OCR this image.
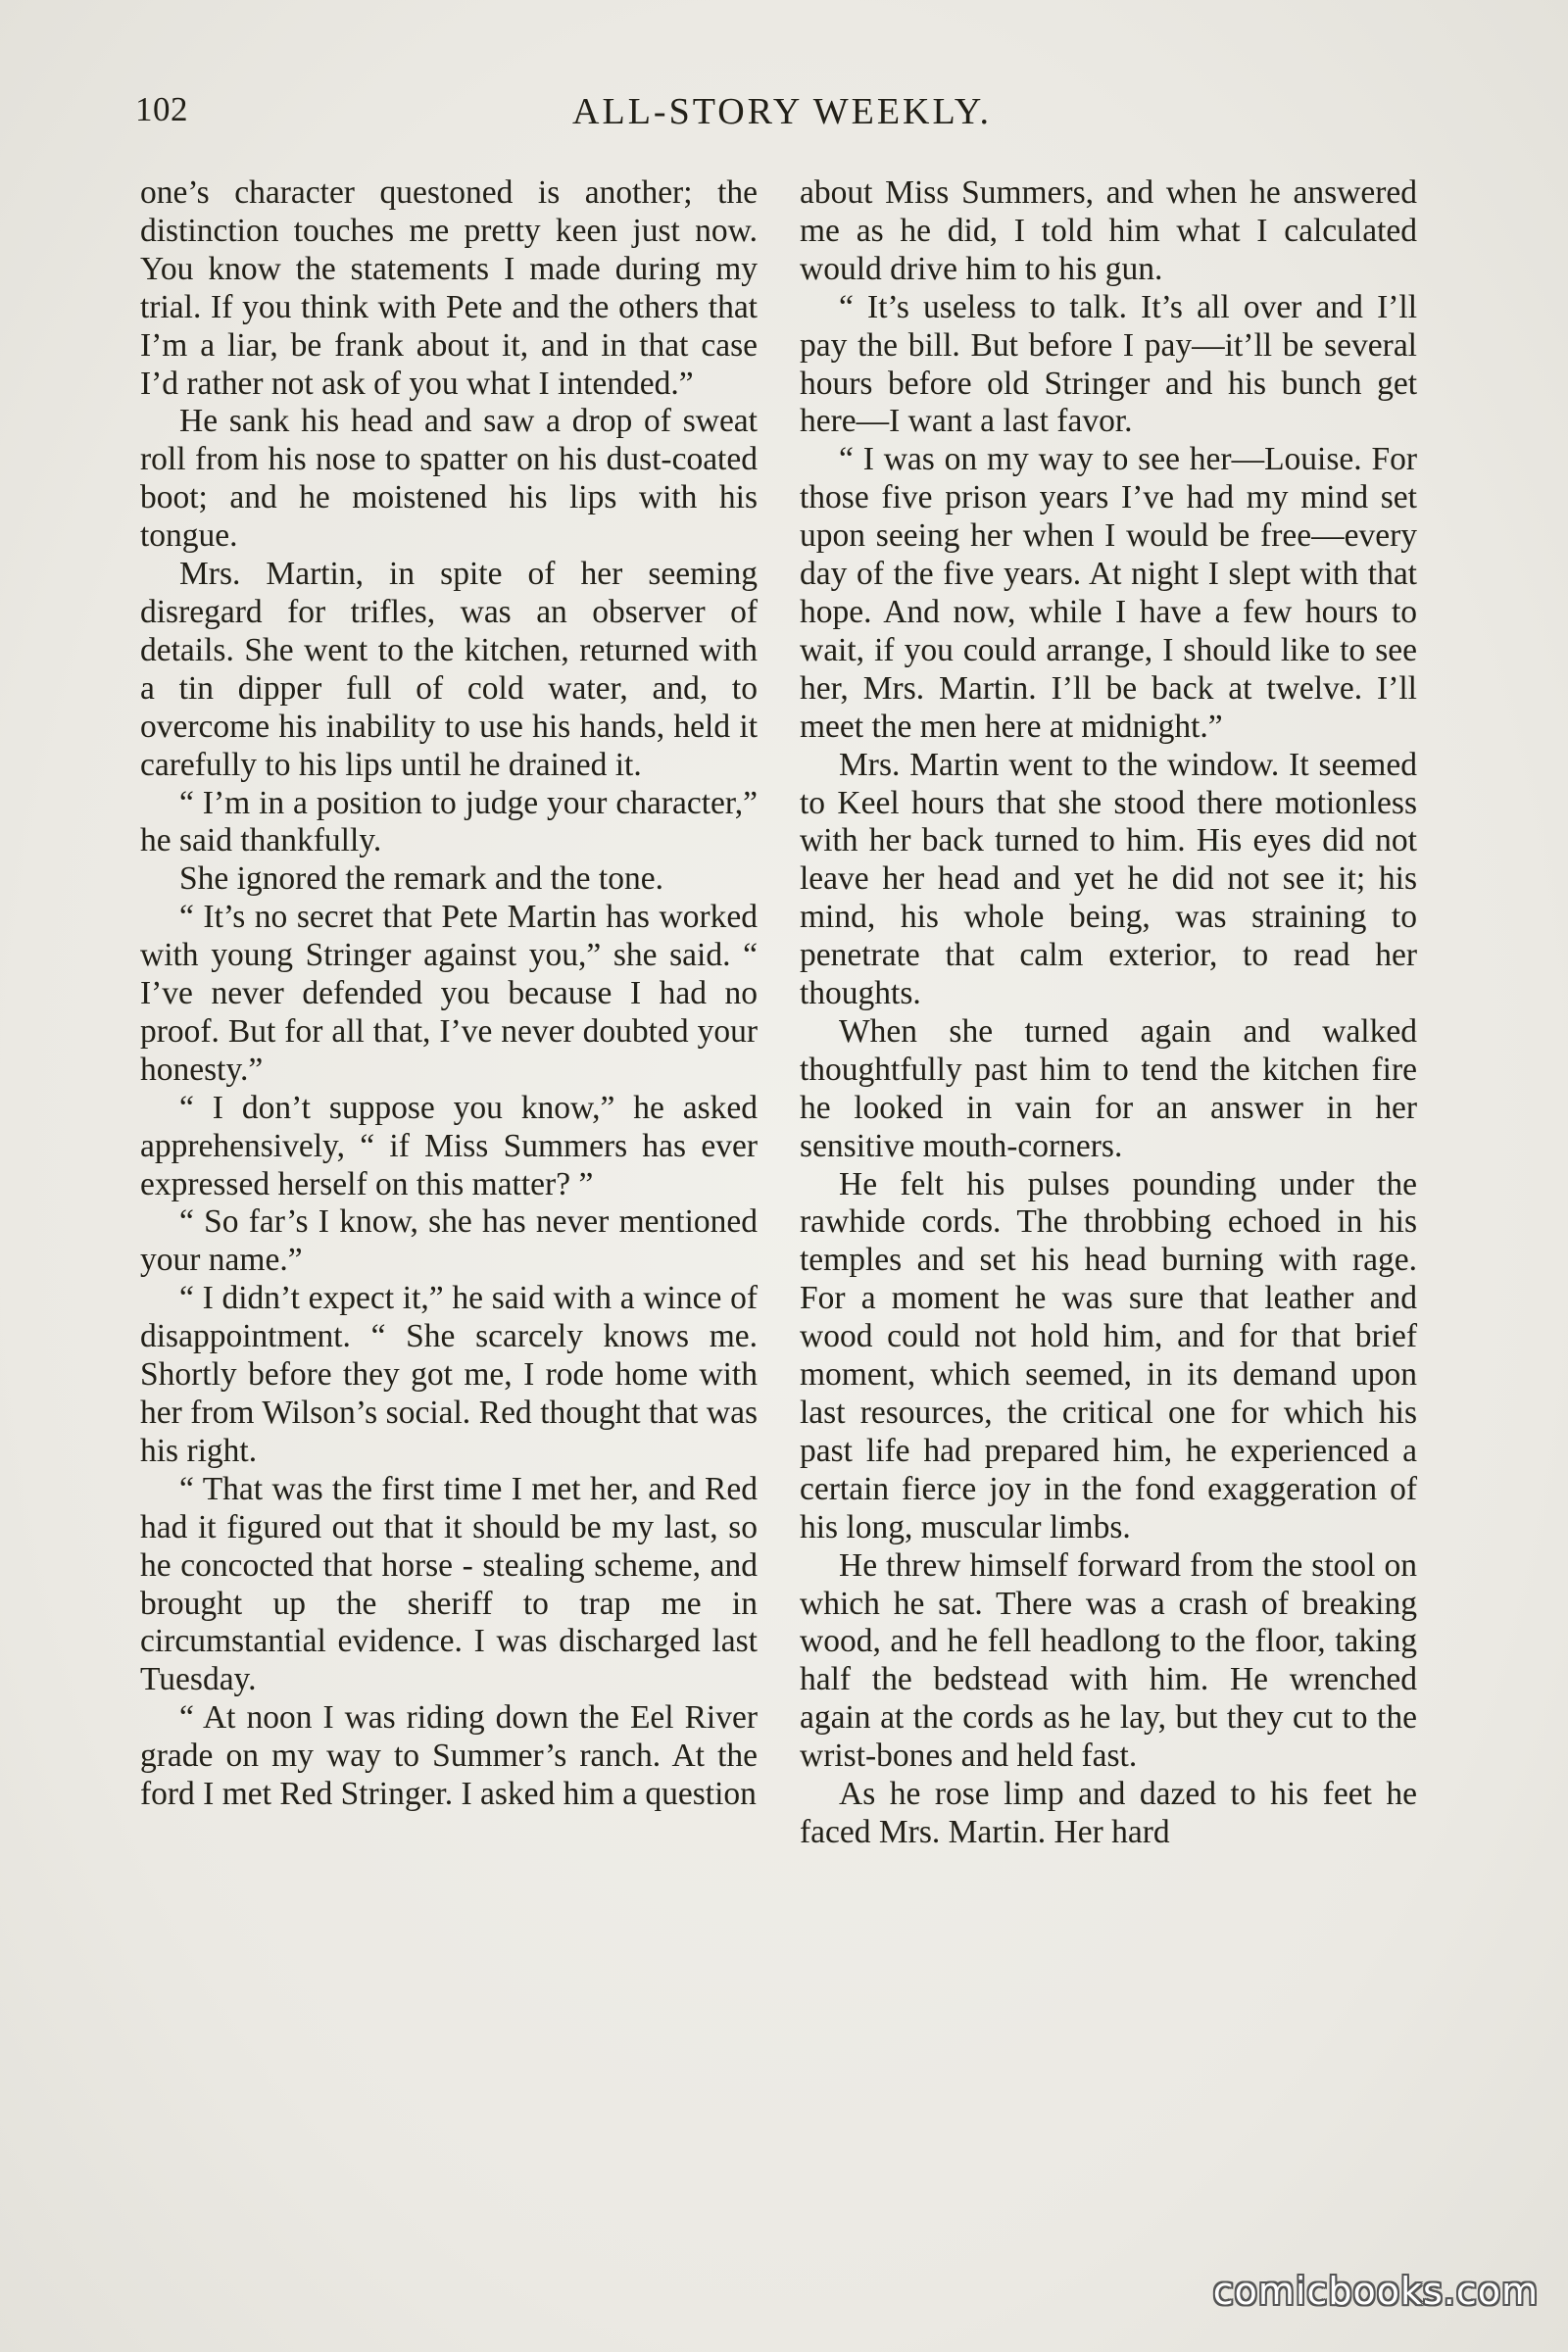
102	ALL-STORY WEEKLY.

one’s character questoned is another; the distinction touches me pretty keen just now. You know the statements I made during my trial. If you think with Pete and the others that I’m a liar, be frank about it, and in that case I’d rather not ask of you what I intended.”

He sank his head and saw a drop of sweat roll from his nose to spatter on his dust-coated boot; and he moistened his lips with his tongue.

Mrs. Martin, in spite of her seeming disregard for trifles, was an observer of details. She went to the kitchen, returned with a tin dipper full of cold water, and, to overcome his inability to use his hands, held it carefully to his lips until he drained it.

“ I’m in a position to judge your character,” he said thankfully.

She ignored the remark and the tone.

“ It’s no secret that Pete Martin has worked with young Stringer against you,” she said. “ I’ve never defended you because I had no proof. But for all that, I’ve never doubted your honesty.”

“ I don’t suppose you know,” he asked apprehensively, “ if Miss Summers has ever expressed herself on this matter? ”

“ So far’s I know, she has never mentioned your name.”

“ I didn’t expect it,” he said with a wince of disappointment. “ She scarcely knows me. Shortly before they got me, I rode home with her from Wilson’s social. Red thought that was his right.

“ That was the first time I met her, and Red had it figured out that it should be my last, so he concocted that horse - stealing scheme, and brought up the sheriff to trap me in circumstantial evidence. I was discharged last Tuesday.

“ At noon I was riding down the Eel River grade on my way to Summer’s ranch. At the ford I met Red Stringer. I asked him a question

about Miss Summers, and when he answered me as he did, I told him what I calculated would drive him to his gun.

“ It’s useless to talk. It’s all over and I’ll pay the bill. But before I pay—it’ll be several hours before old Stringer and his bunch get here—I want a last favor.

“ I was on my way to see her—Louise. For those five prison years I’ve had my mind set upon seeing her when I would be free—every day of the five years. At night I slept with that hope. And now, while I have a few hours to wait, if you could arrange, I should like to see her, Mrs. Martin. I’ll be back at twelve. I’ll meet the men here at midnight.”

Mrs. Martin went to the window. It seemed to Keel hours that she stood there motionless with her back turned to him. His eyes did not leave her head and yet he did not see it; his mind, his whole being, was straining to penetrate that calm exterior, to read her thoughts.

When she turned again and walked thoughtfully past him to tend the kitchen fire he looked in vain for an answer in her sensitive mouth-corners.

He felt his pulses pounding under the rawhide cords. The throbbing echoed in his temples and set his head burning with rage. For a moment he was sure that leather and wood could not hold him, and for that brief moment, which seemed, in its demand upon last resources, the critical one for which his past life had prepared him, he experienced a certain fierce joy in the fond exaggeration of his long, muscular limbs.

He threw himself forward from the stool on which he sat. There was a crash of breaking wood, and he fell headlong to the floor, taking half the bedstead with him. He wrenched again at the cords as he lay, but they cut to the wrist-bones and held fast.

As he rose limp and dazed to his feet he faced Mrs. Martin. Her hard

comicbooks.com
